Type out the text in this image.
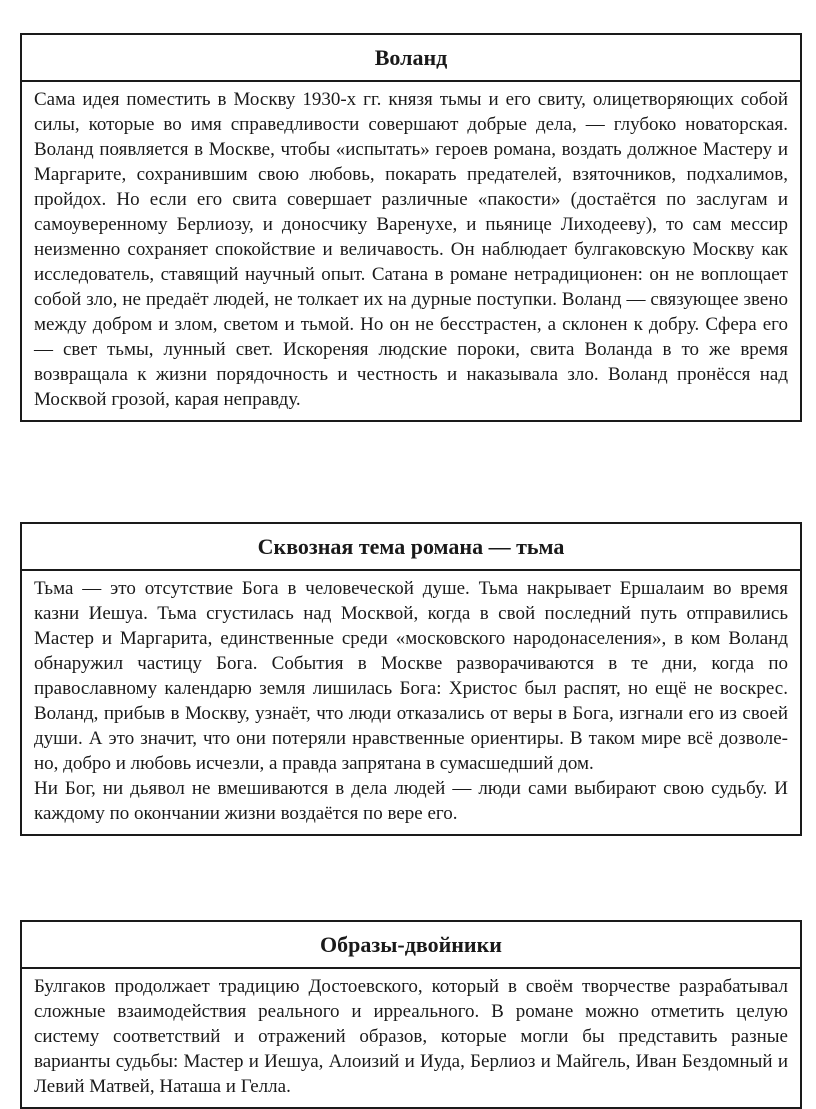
Воланд

Сама идея поместить в Москву 1930-х гг. князя тьмы и его свиту, олицетворяющих собой силы, которые во имя справедливости совершают добрые дела, — глубоко новаторская. Воланд появляется в Москве, чтобы «испытать» героев романа, воздать должное Мастеру и Маргарите, сохранившим свою любовь, покарать предателей, взяточников, подхалимов, пройдох. Но если его свита совершает различные «пакости» (достаётся по заслугам и самоуверенному Берлиозу, и доносчику Варенухе, и пьянице Лиходееву), то сам мессир неизменно сохраняет спокойствие и величавость. Он наблюдает булгаковскую Москву как исследователь, ставящий научный опыт. Сатана в романе нетрадиционен: он не воплощает собой зло, не предаёт людей, не толкает их на дурные поступки. Воланд — связующее звено между добром и злом, светом и тьмой. Но он не бесстрастен, а склонен к добру. Сфера его — свет тьмы, лунный свет. Искореняя людские пороки, свита Воланда в то же время возвращала к жизни порядочность и честность и наказывала зло. Воланд пронёсся над Москвой грозой, карая неправду.

Сквозная тема романа — тьма

Тьма — это отсутствие Бога в человеческой душе. Тьма накрывает Ершалаим во время казни Иешуа. Тьма сгустилась над Москвой, когда в свой последний путь отправились Мастер и Маргарита, единственные среди «московского народонаселения», в ком Воланд обнаружил частицу Бога. События в Москве разворачиваются в те дни, когда по православному календарю земля лишилась Бога: Христос был распят, но ещё не воскрес. Воланд, прибыв в Москву, узнаёт, что люди отказались от веры в Бога, изгнали его из своей души. А это значит, что они потеряли нравственные ориентиры. В таком мире всё дозволено, добро и любовь исчезли, а правда запрятана в сумасшедший дом.

Ни Бог, ни дьявол не вмешиваются в дела людей — люди сами выбирают свою судьбу. И каждому по окончании жизни воздаётся по вере его.

Образы-двойники

Булгаков продолжает традицию Достоевского, который в своём творчестве разрабатывал сложные взаимодействия реального и ирреального. В романе можно отметить целую систему соответствий и отражений образов, которые могли бы представить разные варианты судьбы: Мастер и Иешуа, Алоизий и Иуда, Берлиоз и Майгель, Иван Бездомный и Левий Матвей, Наташа и Гелла.
